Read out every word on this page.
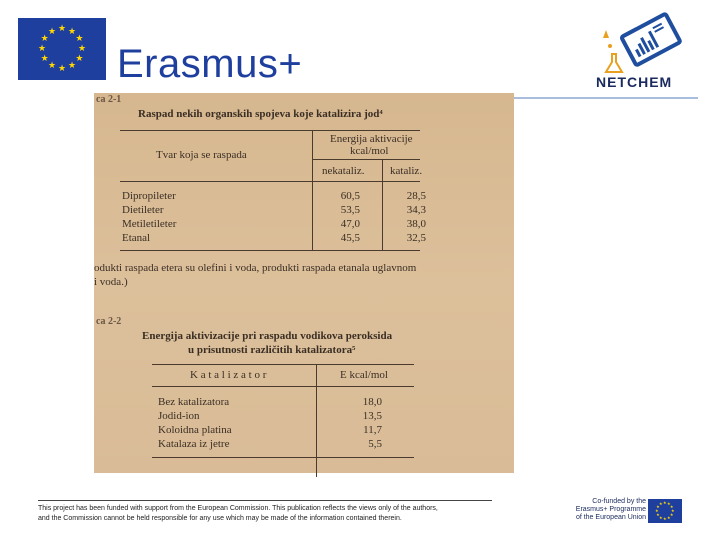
★ ★
★
★
★
★
★
★
★
★
★
★
Erasmus+	NETCHEM
ca 2-1
Raspad nekih organskih spojeva koje katalizira jod⁴
Tvar koja se raspada
Energija aktivacije
kcal/mol
nekataliz. kataliz.
Dipropileter	60,5	28,5
Dietileter	53,5	34,3
Metiletileter	47,0	38,0
Etanal	45,5	32,5
odukti raspada etera su olefini i voda, produkti raspada etanala uglavnom
i voda.)
ca 2-2
Energija aktivizacije pri raspadu vodikova peroksida
u prisutnosti različitih katalizatora⁵
K a t a l i z a t o r	E kcal/mol
Bez katalizatora	18,0
Jodid-ion	13,5
Koloidna platina	11,7
Katalaza iz jetre	5,5
This project has been funded with support from the European Commission. This publication reflects the views only of the authors,
and the Commission cannot be held responsible for any use which may be made of the information contained therein.
Co-funded by the
Erasmus+ Programme
of the European Union
★ ★
★
★
★
★
★
★
★
★
★
★
